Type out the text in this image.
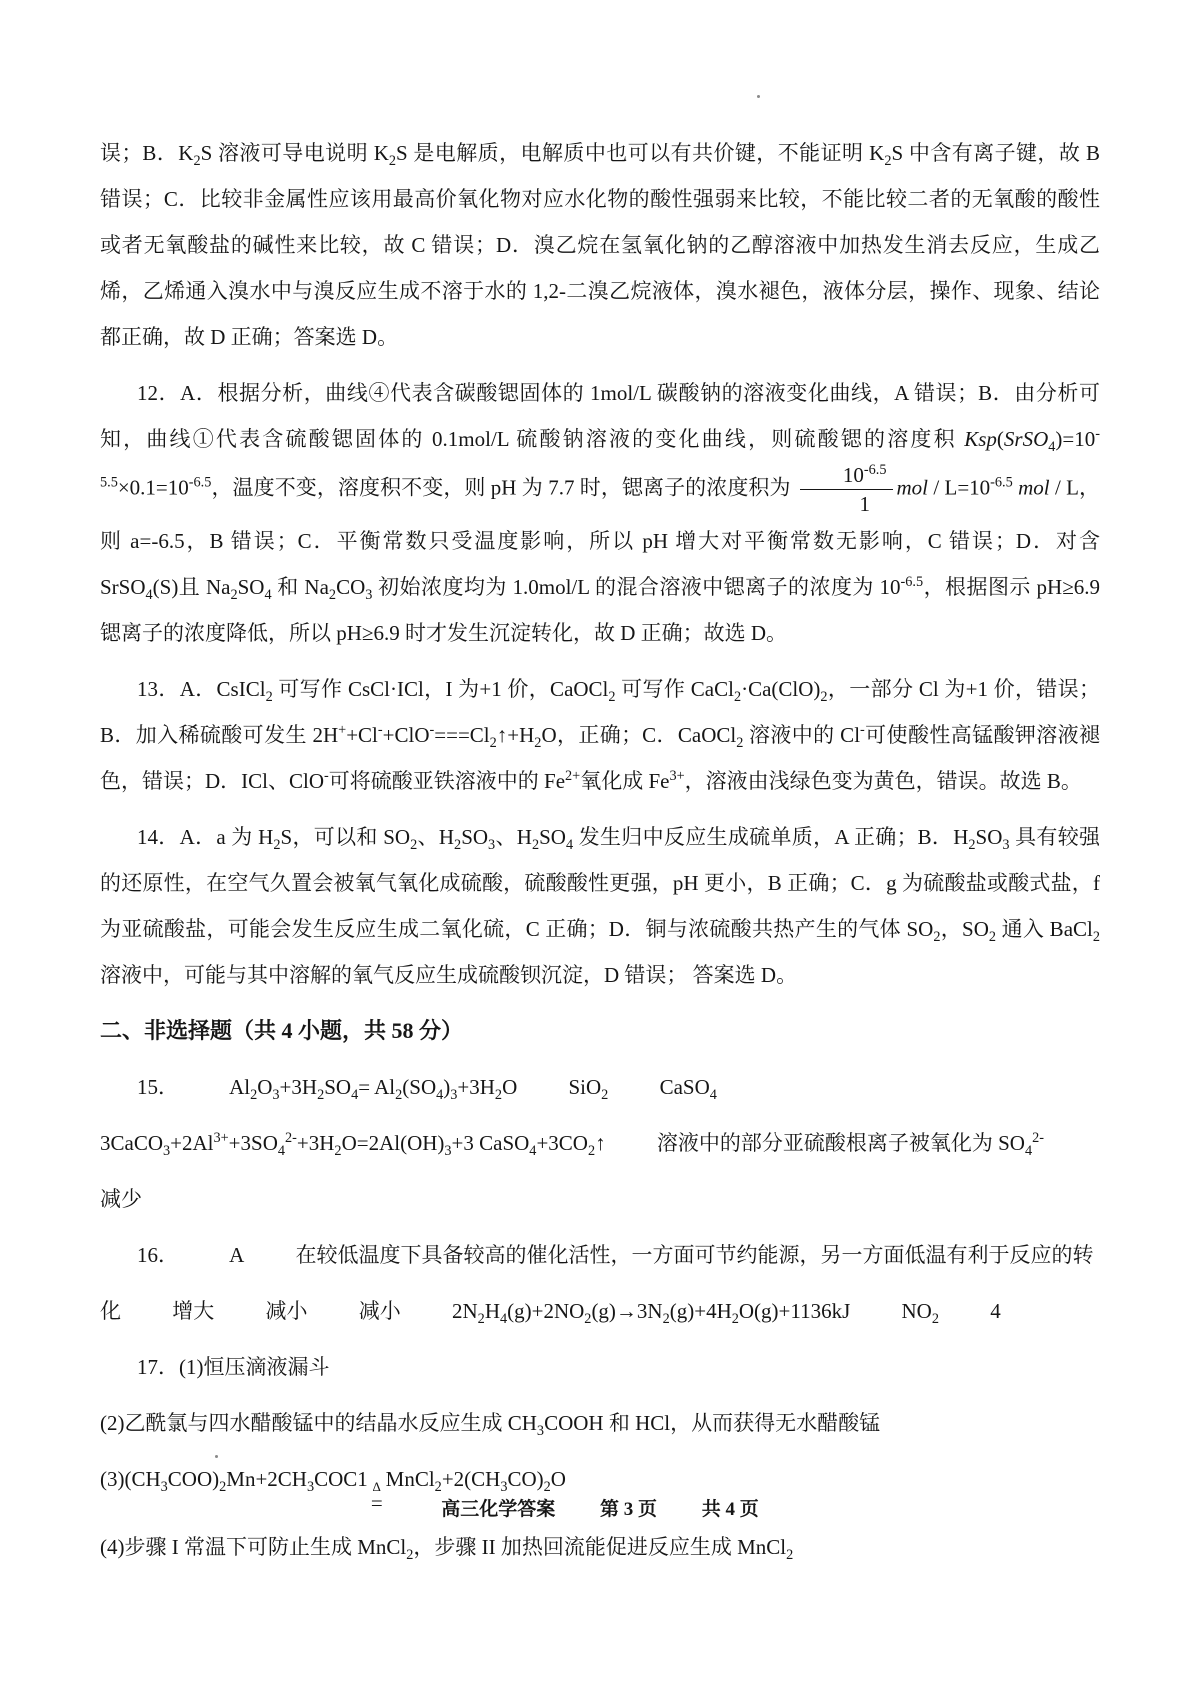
误；B．$K_2S$ 溶液可导电说明 $K_2S$ 是电解质，电解质中也可以有共价键，不能证明 $K_2S$ 中含有离子键，故 B 错误；C．比较非金属性应该用最高价氧化物对应水化物的酸性强弱来比较，不能比较二者的无氧酸的酸性或者无氧酸盐的碱性来比较，故 C 错误；D．溴乙烷在氢氧化钠的乙醇溶液中加热发生消去反应，生成乙烯，乙烯通入溴水中与溴反应生成不溶于水的 1,2-二溴乙烷液体，溴水褪色，液体分层，操作、现象、结论都正确，故 D 正确；答案选 D。

12．A．根据分析，曲线④代表含碳酸锶固体的 1mol/L 碳酸钠的溶液变化曲线，A 错误；B．由分析可知，曲线①代表含硫酸锶固体的 0.1mol/L 硫酸钠溶液的变化曲线，则硫酸锶的溶度积 $Ksp(SrSO_4)=10^{-5.5}\times 0.1=10^{-6.5}$，温度不变，溶度积不变，则 pH 为 7.7 时，锶离子的浓度积为 $\frac{10^{-6.5}}{1}$ mol / $L=10^{-6.5}$ mol / L，则 a=-6.5，B 错误；C．平衡常数只受温度影响，所以 pH 增大对平衡常数无影响，C 错误；D．对含 SrSO$_4$(S)且 $Na_2SO_4$ 和 $Na_2CO_3$ 初始浓度均为 1.0mol/L 的混合溶液中锶离子的浓度为 $10^{-6.5}$，根据图示 pH≥6.9 锶离子的浓度降低，所以 pH≥6.9 时才发生沉淀转化，故 D 正确；故选 D。

13．A．CsICl$_2$ 可写作 CsCl·ICl，I 为+1 价，CaOCl$_2$ 可写作 $CaCl_2\cdot Ca(ClO)_2$，一部分 Cl 为+1 价，错误；B．加入稀硫酸可发生 $2H^++Cl^-+ClO^-===Cl_2↑+H_2O$，正确；C．CaOCl$_2$ 溶液中的 Cl-可使酸性高锰酸钾溶液褪色，错误；D．ICl、ClO-可将硫酸亚铁溶液中的 $Fe^{2+}$氧化成 $Fe^{3+}$，溶液由浅绿色变为黄色，错误。故选 B。

14．A．a 为 $H_2S$，可以和 $SO_2$、$H_2SO_3$、$H_2SO_4$ 发生归中反应生成硫单质，A 正确；B．$H_2SO_3$ 具有较强的还原性，在空气久置会被氧气氧化成硫酸，硫酸酸性更强，pH 更小，B 正确；C．g 为硫酸盐或酸式盐，f 为亚硫酸盐，可能会发生反应生成二氧化硫，C 正确；D．铜与浓硫酸共热产生的气体 $SO_2$，$SO_2$ 通入 BaCl$_2$ 溶液中，可能与其中溶解的氧气反应生成硫酸钡沉淀，D 错误； 答案选 D。

二、非选择题（共 4 小题，共 58 分）
15． $Al_2O_3+3H_2SO_4= Al_2(SO_4)_3+3H_2O$ SiO$_2$ CaSO$_4$
$3CaCO_3+2Al^{3+}+3SO_4^{2-}+3H_2O=2Al(OH)_3+3$ $CaSO_4+3CO_2↑$ 溶液中的部分亚硫酸根离子被氧化为 $SO_4^{2-}$
减少
16． A 在较低温度下具备较高的催化活性，一方面可节约能源，另一方面低温有利于反应的转
化 增大 减小 减小 $2N_2H_4(g)+2NO_2(g)\to 3N_2(g)+4H_2O(g)+1136kJ$ $NO_2$ 4
17．(1)恒压滴液漏斗
(2)乙酰氯与四水醋酸锰中的结晶水反应生成 $CH_3COOH$ 和 HCl，从而获得无水醋酸锰
$(3)(CH_3COO)_2Mn+2CH_3COC1$ Δ
=
$MnCl_2+2(CH_3CO)_2O$
(4)步骤 I 常温下可防止生成 MnCl$_2$，步骤 II 加热回流能促进反应生成 MnCl$_2$
高三化学答案 第 3 页 共 4 页
